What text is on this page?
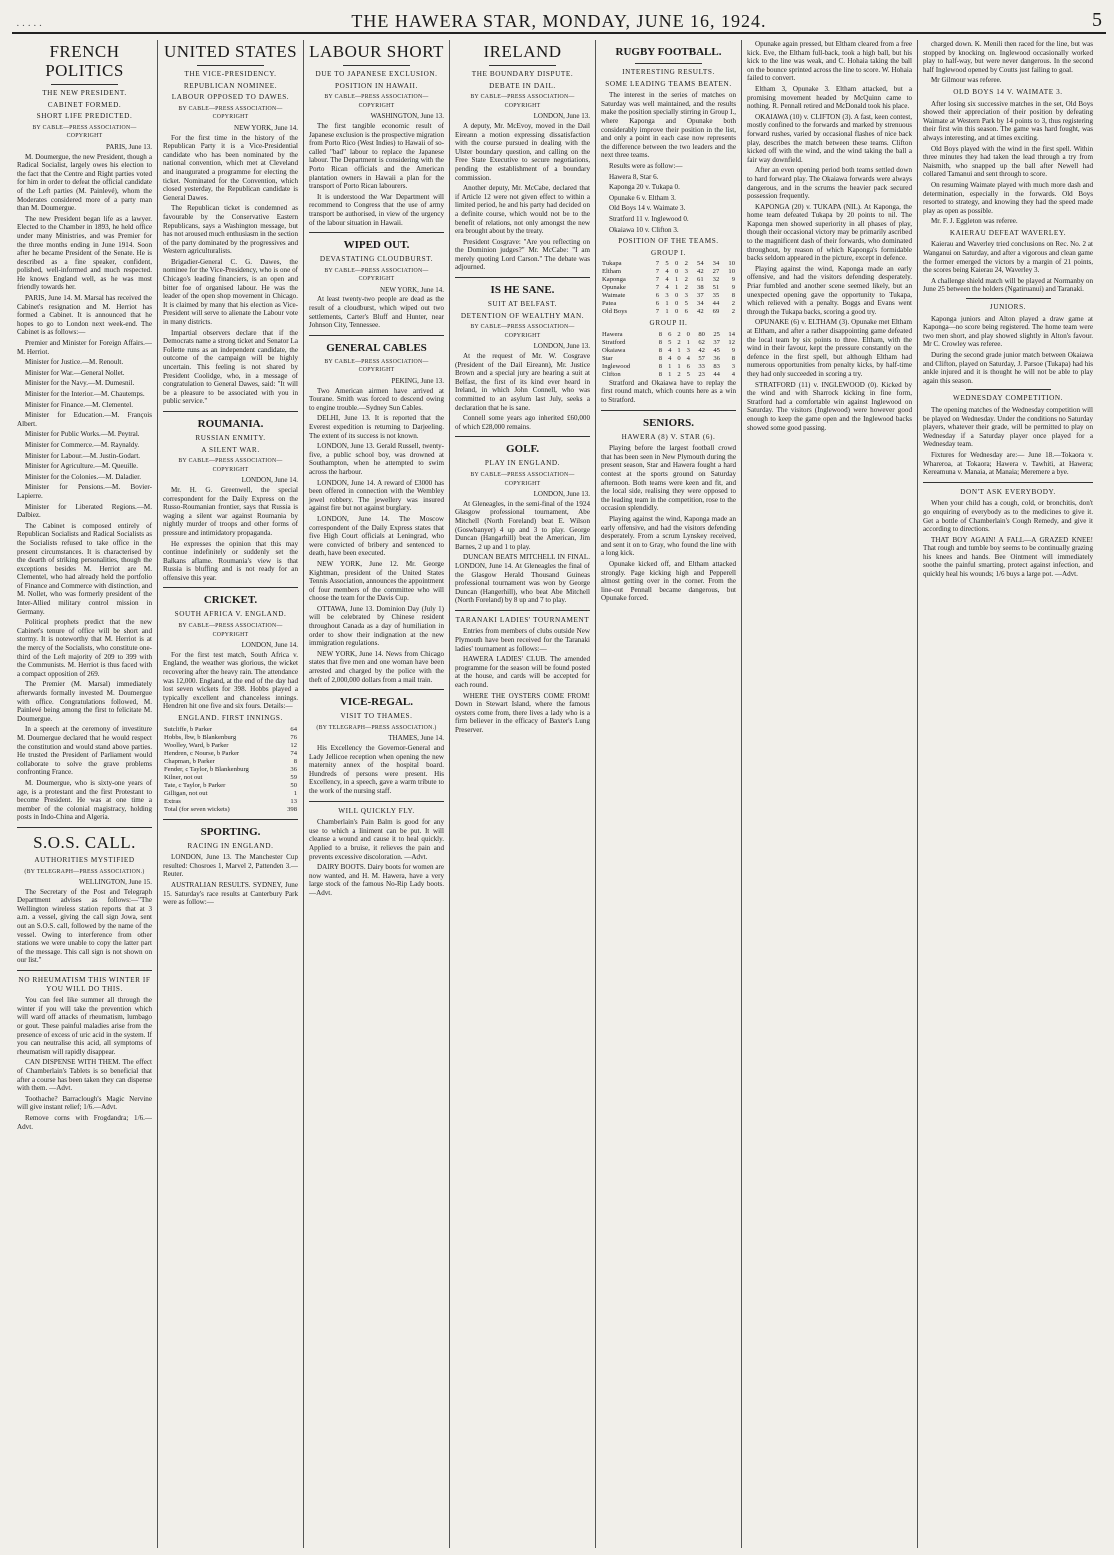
·····	THE HAWERA STAR, MONDAY, JUNE 16, 1924.	5
FRENCH POLITICS
THE NEW PRESIDENT.
CABINET FORMED.
SHORT LIFE PREDICTED.
BY CABLE—PRESS ASSOCIATION—COPYRIGHT
PARIS, June 13.

M. Doumergue, the new President, though a Radical Socialist, largely owes his election to the fact that the Centre and Right parties voted for him in order to defeat the official candidate of the Left parties (M. Painlevé), whom the Moderates considered more of a party man than M. Doumergue.

The new President began life as a lawyer. Elected to the Chamber in 1893, he held office under many Ministries, and was Premier for the three months ending in June 1914. Soon after he became President of the Senate. He is described as a fine speaker, confident, polished, well-informed and much respected. He knows England well, as he was most friendly towards her.

PARIS, June 14. M. Marsal has received the Cabinet's resignation and M. Herriot has formed a Cabinet. It is announced that he hopes to go to London next week-end. The Cabinet is as follows:—

Premier and Minister for Foreign Affairs.—M. Herriot.

Minister for Justice.—M. Renoult.

Minister for War.—General Nollet.

Minister for the Navy.—M. Dumesnil.

Minister for the Interior.—M. Chautemps.

Minister for Finance.—M. Clementel.

Minister for Education.—M. François Albert.

Minister for Public Works.—M. Peytral.

Minister for Commerce.—M. Raynaldy.

Minister for Labour.—M. Justin-Godart.

Minister for Agriculture.—M. Queuille.

Minister for the Colonies.—M. Daladier.

Minister for Pensions.—M. Bovier-Lapierre.

Minister for Liberated Regions.—M. Dalbiez.

The Cabinet is composed entirely of Republican Socialists and Radical Socialists as the Socialists refused to take office in the present circumstances. It is characterised by the dearth of striking personalities, though the exceptions besides M. Herriot are M. Clementel, who had already held the portfolio of Finance and Commerce with distinction, and M. Nollet, who was formerly president of the Inter-Allied military control mission in Germany.

Political prophets predict that the new Cabinet's tenure of office will be short and stormy. It is noteworthy that M. Herriot is at the mercy of the Socialists, who constitute one-third of the Left majority of 209 to 399 with the Communists. M. Herriot is thus faced with a compact opposition of 269.

The Premier (M. Marsal) immediately afterwards formally invested M. Doumergue with office. Congratulations followed, M. Painlevé being among the first to felicitate M. Doumergue.

In a speech at the ceremony of investiture M. Doumergue declared that he would respect the constitution and would stand above parties. He trusted the President of Parliament would collaborate to solve the grave problems confronting France.

M. Doumergue, who is sixty-one years of age, is a protestant and the first Protestant to become President. He was at one time a member of the colonial magistracy, holding posts in Indo-China and Algeria.

S.O.S. CALL.
AUTHORITIES MYSTIFIED
(BY TELEGRAPH—PRESS ASSOCIATION.)
WELLINGTON, June 15.

The Secretary of the Post and Telegraph Department advises as follows:—"The Wellington wireless station reports that at 3 a.m. a vessel, giving the call sign Jowa, sent out an S.O.S. call, followed by the name of the vessel. Owing to interference from other stations we were unable to copy the latter part of the message. This call sign is not shown on our list."

NO RHEUMATISM THIS WINTER IF YOU WILL DO THIS.

You can feel like summer all through the winter if you will take the prevention which will ward off attacks of rheumatism, lumbago or gout. These painful maladies arise from the presence of excess of uric acid in the system. If you can neutralise this acid, all symptoms of rheumatism will rapidly disappear.

CAN DISPENSE WITH THEM. The effect of Chamberlain's Tablets is so beneficial that after a course has been taken they can dispense with them. —Advt.

Toothache? Barraclough's Magic Nervine will give instant relief; 1/6.—Advt.

Remove corns with Frogdandra; 1/6.—Advt.

UNITED STATES
THE VICE-PRESIDENCY.
REPUBLICAN NOMINEE.
LABOUR OPPOSED TO DAWES.
BY CABLE—PRESS ASSOCIATION—COPYRIGHT
NEW YORK, June 14.

For the first time in the history of the Republican Party it is a Vice-Presidential candidate who has been nominated by the national convention, which met at Cleveland and inaugurated a programme for electing the ticket. Nominated for the Convention, which closed yesterday, the Republican candidate is General Dawes.

The Republican ticket is condemned as favourable by the Conservative Eastern Republicans, says a Washington message, but has not aroused much enthusiasm in the section of the party dominated by the progressives and Western agriculturalists.

Brigadier-General C. G. Dawes, the nominee for the Vice-Presidency, who is one of Chicago's leading financiers, is an open and bitter foe of organised labour. He was the leader of the open shop movement in Chicago. It is claimed by many that his election as Vice-President will serve to alienate the Labour vote in many districts.

Impartial observers declare that if the Democrats name a strong ticket and Senator La Follette runs as an independent candidate, the outcome of the campaign will be highly uncertain. This feeling is not shared by President Coolidge, who, in a message of congratulation to General Dawes, said: "It will be a pleasure to be associated with you in public service."

ROUMANIA.
RUSSIAN ENMITY.
A SILENT WAR.
BY CABLE—PRESS ASSOCIATION—COPYRIGHT
LONDON, June 14.

Mr. H. G. Greenwell, the special correspondent for the Daily Express on the Russo-Roumanian frontier, says that Russia is waging a silent war against Roumania by nightly murder of troops and other forms of pressure and intimidatory propaganda.

He expresses the opinion that this may continue indefinitely or suddenly set the Balkans aflame. Roumania's view is that Russia is bluffing and is not ready for an offensive this year.

CRICKET.
SOUTH AFRICA V. ENGLAND.
BY CABLE—PRESS ASSOCIATION—COPYRIGHT
LONDON, June 14.

For the first test match, South Africa v. England, the weather was glorious, the wicket recovering after the heavy rain. The attendance was 12,000. England, at the end of the day had lost seven wickets for 398. Hobbs played a typically excellent and chanceless innings. Hendren hit one five and six fours. Details:—

ENGLAND. FIRST INNINGS.
Sutcliffe, b Parker	64
Hobbs, lbw, b Blankenburg	76
Woolley, Ward, b Parker	12
Hendren, c Nourse, b Parker	74
Chapman, b Parker	8
Fender, c Taylor, b Blankenburg	36
Kilner, not out	59
Tate, c Taylor, b Parker	50
Gilligan, not out	1
Extras	13
Total (for seven wickets)	398
SPORTING.
RACING IN ENGLAND.

LONDON, June 13. The Manchester Cup resulted: Chosroes 1, Marvel 2, Pattenden 3.—Reuter.

AUSTRALIAN RESULTS. SYDNEY, June 15. Saturday's race results at Canterbury Park were as follow:—

LABOUR SHORT
DUE TO JAPANESE EXCLUSION.
POSITION IN HAWAII.
BY CABLE—PRESS ASSOCIATION—COPYRIGHT
WASHINGTON, June 13.

The first tangible economic result of Japanese exclusion is the prospective migration from Porto Rico (West Indies) to Hawaii of so-called "bad" labour to replace the Japanese labour. The Department is considering with the Porto Rican officials and the American plantation owners in Hawaii a plan for the transport of Porto Rican labourers.

It is understood the War Department will recommend to Congress that the use of army transport be authorised, in view of the urgency of the labour situation in Hawaii.

WIPED OUT.
DEVASTATING CLOUDBURST.
BY CABLE—PRESS ASSOCIATION—COPYRIGHT
NEW YORK, June 14.

At least twenty-two people are dead as the result of a cloudburst, which wiped out two settlements, Carter's Bluff and Hunter, near Johnson City, Tennessee.

GENERAL CABLES
BY CABLE—PRESS ASSOCIATION—COPYRIGHT
PEKING, June 13.

Two American airmen have arrived at Tourane. Smith was forced to descend owing to engine trouble.—Sydney Sun Cables.

DELHI, June 13. It is reported that the Everest expedition is returning to Darjeeling. The extent of its success is not known.

LONDON, June 13. Gerald Russell, twenty-five, a public school boy, was drowned at Southampton, when he attempted to swim across the harbour.

LONDON, June 14. A reward of £3000 has been offered in connection with the Wembley jewel robbery. The jewellery was insured against fire but not against burglary.

LONDON, June 14. The Moscow correspondent of the Daily Express states that five High Court officials at Leningrad, who were convicted of bribery and sentenced to death, have been executed.

NEW YORK, June 12. Mr. George Kightman, president of the United States Tennis Association, announces the appointment of four members of the committee who will choose the team for the Davis Cup.

OTTAWA, June 13. Dominion Day (July 1) will be celebrated by Chinese resident throughout Canada as a day of humiliation in order to show their indignation at the new immigration regulations.

NEW YORK, June 14. News from Chicago states that five men and one woman have been arrested and charged by the police with the theft of 2,000,000 dollars from a mail train.

VICE-REGAL.
VISIT TO THAMES.
(BY TELEGRAPH—PRESS ASSOCIATION.)
THAMES, June 14.

His Excellency the Governor-General and Lady Jellicoe reception when opening the new maternity annex of the hospital board. Hundreds of persons were present. His Excellency, in a speech, gave a warm tribute to the work of the nursing staff.

WILL QUICKLY FLY.

Chamberlain's Pain Balm is good for any use to which a liniment can be put. It will cleanse a wound and cause it to heal quickly. Applied to a bruise, it relieves the pain and prevents excessive discoloration. —Advt.

DAIRY BOOTS. Dairy boots for women are now wanted, and H. M. Hawera, have a very large stock of the famous No-Rip Lady boots.—Advt.

IRELAND
THE BOUNDARY DISPUTE.
DEBATE IN DAIL.
BY CABLE—PRESS ASSOCIATION—COPYRIGHT
LONDON, June 13.

A deputy, Mr. McEvoy, moved in the Dail Eireann a motion expressing dissatisfaction with the course pursued in dealing with the Ulster boundary question, and calling on the Free State Executive to secure negotiations, pending the establishment of a boundary commission.

Another deputy, Mr. McCabe, declared that if Article 12 were not given effect to within a limited period, he and his party had decided on a definite course, which would not be to the benefit of relations, not only amongst the new era brought about by the treaty.

President Cosgrave: "Are you reflecting on the Dominion judges?" Mr. McCabe: "I am merely quoting Lord Carson." The debate was adjourned.

IS HE SANE.
SUIT AT BELFAST.
DETENTION OF WEALTHY MAN.
BY CABLE—PRESS ASSOCIATION—COPYRIGHT
LONDON, June 13.

At the request of Mr. W. Cosgrave (President of the Dail Eireann), Mr. Justice Brown and a special jury are hearing a suit at Belfast, the first of its kind ever heard in Ireland, in which John Connell, who was committed to an asylum last July, seeks a declaration that he is sane.

Connell some years ago inherited £60,000 of which £28,000 remains.

GOLF.
PLAY IN ENGLAND.
BY CABLE—PRESS ASSOCIATION—COPYRIGHT
LONDON, June 13.

At Gleneagles, in the semi-final of the 1924 Glasgow professional tournament, Abe Mitchell (North Foreland) beat E. Wilson (Goswbanyer) 4 up and 3 to play. George Duncan (Hangarhill) beat the American, Jim Barnes, 2 up and 1 to play.

DUNCAN BEATS MITCHELL IN FINAL. LONDON, June 14. At Gleneagles the final of the Glasgow Herald Thousand Guineas professional tournament was won by George Duncan (Hangerhill), who beat Abe Mitchell (North Foreland) by 8 up and 7 to play.

TARANAKI LADIES' TOURNAMENT

Entries from members of clubs outside New Plymouth have been received for the Taranaki ladies' tournament as follows:—

HAWERA LADIES' CLUB. The amended programme for the season will be found posted at the house, and cards will be accepted for each round.

WHERE THE OYSTERS COME FROM! Down in Stewart Island, where the famous oysters come from, there lives a lady who is a firm believer in the efficacy of Baxter's Lung Preserver.

RUGBY FOOTBALL.
INTERESTING RESULTS.
SOME LEADING TEAMS BEATEN.

The interest in the series of matches on Saturday was well maintained, and the results make the position specially stirring in Group I., where Kaponga and Opunake both considerably improve their position in the list, and only a point in each case now represents the difference between the two leaders and the next three teams.

Results were as follow:—

Hawera 8, Star 6.

Kaponga 20 v. Tukapa 0.

Opunake 6 v. Eltham 3.

Old Boys 14 v. Waimate 3.

Stratford 11 v. Inglewood 0.

Okaiawa 10 v. Clifton 3.

POSITION OF THE TEAMS.
GROUP I.
Tukapa	7	5	0	2	54	34	10
Eltham	7	4	0	3	42	27	10
Kaponga	7	4	1	2	61	32	9
Opunake	7	4	1	2	38	51	9
Waimate	6	3	0	3	37	35	8
Patea	6	1	0	5	34	44	2
Old Boys	7	1	0	6	42	69	2
GROUP II.
Hawera	8	6	2	0	80	25	14
Stratford	8	5	2	1	62	37	12
Okaiawa	8	4	1	3	42	45	9
Star	8	4	0	4	57	36	8
Inglewood	8	1	1	6	33	83	3
Clifton	8	1	2	5	23	44	4

Stratford and Okaiawa have to replay the first round match, which counts here as a win to Stratford.

SENIORS.
HAWERA (8) V. STAR (6).

Playing before the largest football crowd that has been seen in New Plymouth during the present season, Star and Hawera fought a hard contest at the sports ground on Saturday afternoon. Both teams were keen and fit, and the local side, realising they were opposed to the leading team in the competition, rose to the occasion splendidly.

Playing against the wind, Kaponga made an early offensive, and had the visitors defending desperately. From a scrum Lynskey received, and sent it on to Gray, who found the line with a long kick.

Opunake kicked off, and Eltham attacked strongly. Page kicking high and Pepperell almost getting over in the corner. From the line-out Pennall became dangerous, but Opunake forced.

Opunake again pressed, but Eltham cleared from a free kick. Eve, the Eltham full-back, took a high ball, but his kick to the line was weak, and C. Hohaia taking the ball on the bounce sprinted across the line to score. W. Hohaia failed to convert.

Eltham 3, Opunake 3. Eltham attacked, but a promising movement headed by McQuinn came to nothing. R. Pennall retired and McDonald took his place.

OKAIAWA (10) v. CLIFTON (3). A fast, keen contest, mostly confined to the forwards and marked by strenuous forward rushes, varied by occasional flashes of nice back play, describes the match between these teams. Clifton kicked off with the wind, and the wind taking the ball a fair way downfield.

After an even opening period both teams settled down to hard forward play. The Okaiawa forwards were always dangerous, and in the scrums the heavier pack secured possession frequently.

KAPONGA (20) v. TUKAPA (NIL). At Kaponga, the home team defeated Tukapa by 20 points to nil. The Kaponga men showed superiority in all phases of play, though their occasional victory may be primarily ascribed to the magnificent dash of their forwards, who dominated throughout, by reason of which Kaponga's formidable backs seldom appeared in the picture, except in defence.

Playing against the wind, Kaponga made an early offensive, and had the visitors defending desperately. Priar fumbled and another scene seemed likely, but an unexpected opening gave the opportunity to Tukapa, which relieved with a penalty. Boggs and Evans went through the Tukapa backs, scoring a good try.

OPUNAKE (6) v. ELTHAM (3). Opunake met Eltham at Eltham, and after a rather disappointing game defeated the local team by six points to three. Eltham, with the wind in their favour, kept the pressure constantly on the defence in the first spell, but although Eltham had numerous opportunities from penalty kicks, by half-time they had only succeeded in scoring a try.

STRATFORD (11) v. INGLEWOOD (0). Kicked by the wind and with Sharrock kicking in fine form, Stratford had a comfortable win against Inglewood on Saturday. The visitors (Inglewood) were however good enough to keep the game open and the Inglewood backs showed some good passing.

charged down. K. Menili then raced for the line, but was stopped by knocking on. Inglewood occasionally worked play to half-way, but were never dangerous. In the second half Inglewood opened by Coutts just failing to goal.

Mr Gilmour was referee.

OLD BOYS 14 V. WAIMATE 3.

After losing six successive matches in the set, Old Boys showed their appreciation of their position by defeating Waimate at Western Park by 14 points to 3, thus registering their first win this season. The game was hard fought, was always interesting, and at times exciting.

Old Boys played with the wind in the first spell. Within three minutes they had taken the lead through a try from Naismith, who snapped up the ball after Newell had collared Tamanui and sent through to score.

On resuming Waimate played with much more dash and determination, especially in the forwards. Old Boys resorted to strategy, and knowing they had the speed made play as open as possible.

Mr. F. J. Eggleton was referee.

KAIERAU DEFEAT WAVERLEY.

Kaierau and Waverley tried conclusions on Rec. No. 2 at Wanganui on Saturday, and after a vigorous and clean game the former emerged the victors by a margin of 21 points, the scores being Kaierau 24, Waverley 3.

A challenge shield match will be played at Normanby on June 25 between the holders (Ngatiruanui) and Taranaki.

JUNIORS.

Kaponga juniors and Alton played a draw game at Kaponga—no score being registered. The home team were two men short, and play showed slightly in Alton's favour. Mr C. Crowley was referee.

During the second grade junior match between Okaiawa and Clifton, played on Saturday, J. Parsoe (Tukapa) had his ankle injured and it is thought he will not be able to play again this season.

WEDNESDAY COMPETITION.

The opening matches of the Wednesday competition will be played on Wednesday. Under the conditions no Saturday players, whatever their grade, will be permitted to play on Wednesday if a Saturday player once played for a Wednesday team.

Fixtures for Wednesday are:— June 18.—Tokaora v. Whareroa, at Tokaora; Hawera v. Tawhiti, at Hawera; Kereamuna v. Manaia, at Manaia; Meremere a bye.

DON'T ASK EVERYBODY.

When your child has a cough, cold, or bronchitis, don't go enquiring of everybody as to the medicines to give it. Get a bottle of Chamberlain's Cough Remedy, and give it according to directions.

THAT BOY AGAIN! A FALL—A GRAZED KNEE! That rough and tumble boy seems to be continually grazing his knees and hands. Bee Ointment will immediately soothe the painful smarting, protect against infection, and quickly heal his wounds; 1/6 buys a large pot. —Advt.
